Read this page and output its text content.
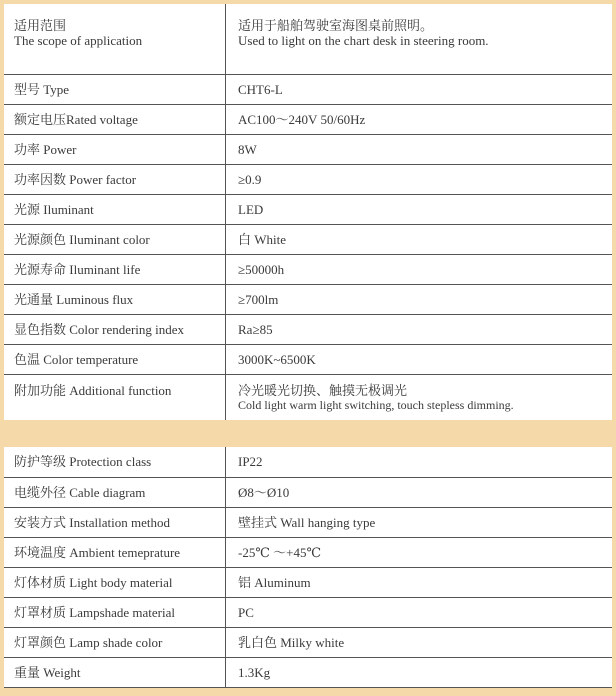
适用范围
The scope of application	适用于船舶驾驶室海图桌前照明。
Used to light on the chart desk in steering room.

型号 Type	CHT6-L
额定电压Rated voltage	AC100～240V 50/60Hz
功率 Power	8W
功率因数 Power factor	≥0.9
光源 Iluminant	LED
光源颜色 Iluminant color	白 White
光源寿命 Iluminant life	≥50000h
光通量 Luminous flux	≥700lm
显色指数 Color rendering index	Ra≥85
色温 Color temperature	3000K~6500K
附加功能 Additional function	冷光暖光切换、触摸无极调光
Cold light warm light switching, touch stepless dimming.
防护等级 Protection class	IP22
电缆外径 Cable diagram	Ø8～Ø10
安装方式 Installation method	壁挂式 Wall hanging type
环境温度 Ambient temeprature	-25℃ ～+45℃
灯体材质 Light body material	铝 Aluminum
灯罩材质 Lampshade material	PC
灯罩颜色 Lamp shade color	乳白色 Milky white
重量 Weight	1.3Kg
